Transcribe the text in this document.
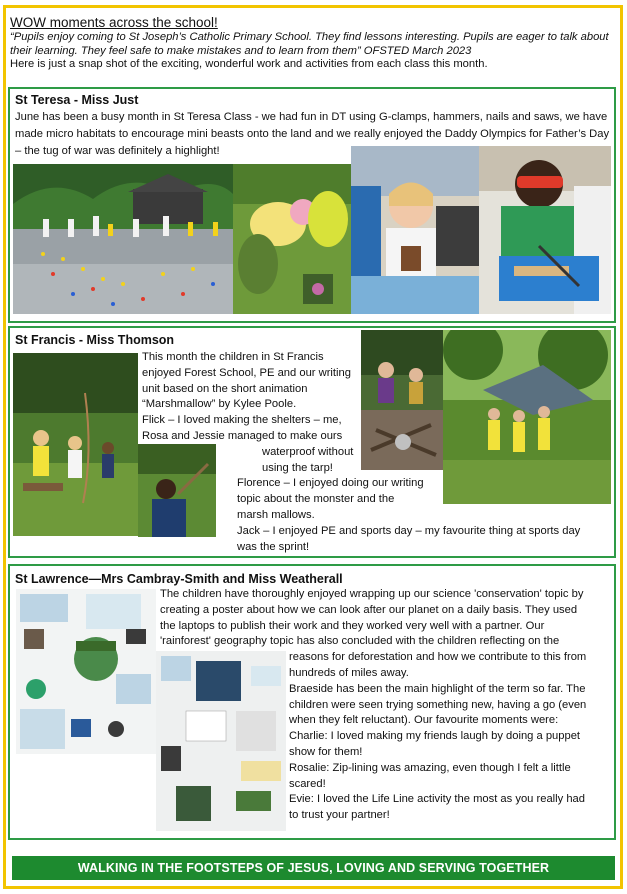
WOW moments across the school!
“Pupils enjoy coming to St Joseph’s Catholic Primary School. They find lessons interesting. Pupils are eager to talk about their learning. They feel safe to make mistakes and to learn from them” OFSTED March 2023
Here is just a snap shot of the exciting, wonderful work and activities from each class this month.
St Teresa - Miss Just
June has been a busy month in St Teresa Class - we had fun in DT using G-clamps, hammers, nails and saws, we have made micro habitats to encourage mini beasts onto the land and we really enjoyed the Daddy Olympics for Father’s Day – the tug of war was definitely a highlight!
St Francis - Miss Thomson
This month the children in St Francis
enjoyed Forest School, PE and our writing
unit based on the short animation
“Marshmallow” by Kylee Poole.
Flick – I loved making the shelters – me,
Rosa and Jessie managed to make ours
waterproof without
using the tarp!
Florence – I enjoyed doing our writing
topic about the monster and the
marsh mallows.
Jack – I enjoyed PE and sports day – my favourite thing at sports day
was the sprint!
St Lawrence—Mrs Cambray-Smith and Miss Weatherall
The children have thoroughly enjoyed wrapping up our science 'conservation' topic by
creating a poster about how we can look after our planet on a daily basis. They used
the laptops to publish their work and they worked very well with a partner. Our
'rainforest' geography topic has also concluded with the children reflecting on the
reasons for deforestation and how we contribute to this from
hundreds of miles away.
Braeside has been the main highlight of the term so far. The
children were seen trying something new, having a go (even
when they felt reluctant). Our favourite moments were:
Charlie: I loved making my friends laugh by doing a puppet
show for them!
Rosalie: Zip-lining was amazing, even though I felt a little
scared!
Evie: I loved the Life Line activity the most as you really had
to trust your partner!
WALKING IN THE FOOTSTEPS OF JESUS, LOVING AND SERVING TOGETHER
